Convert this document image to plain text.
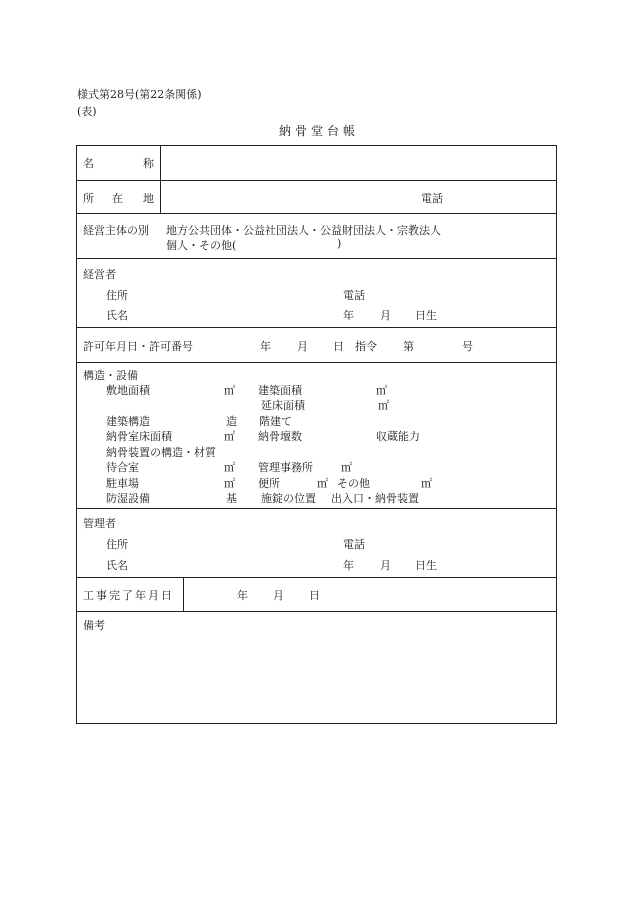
様式第28号(第22条関係)
(表)
納骨堂台帳
名	称
所 在 地	電話
経営主体の別 地方公共団体・公益社団法人・公益財団法人・宗教法人
個人・その他(	)
経営者
住所	電話
氏名	年 月 日生
許可年月日・許可番号	年 月 日 指令 第	号
構造・設備
敷地面積	㎡ 建築面積	㎡
延床面積	㎡
建築構造	造 階建て
納骨室床面積	㎡ 納骨壇数	収蔵能力
納骨装置の構造・材質
待合室	㎡ 管理事務所	㎡
駐車場	㎡ 便所	㎡ その他	㎡
防湿設備	基 施錠の位置 出入口・納骨装置
管理者
住所	電話
氏名	年 月 日生
工事完了年月日	年 月 日
備考
